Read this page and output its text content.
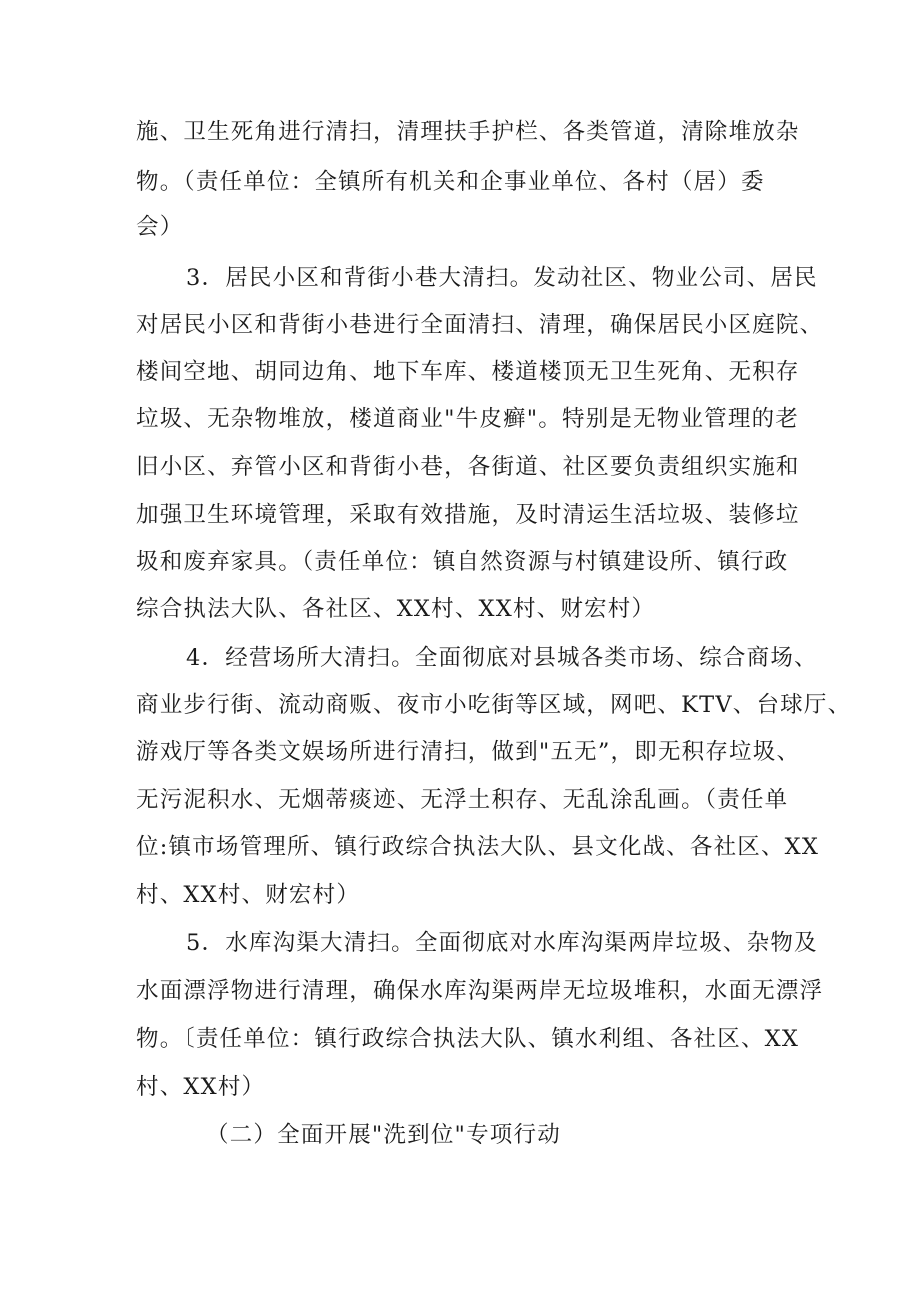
施、卫生死角进行清扫，清理扶手护栏、各类管道，清除堆放杂
物。（责任单位：全镇所有机关和企事业单位、各村（居）委
会）
3．居民小区和背街小巷大清扫。发动社区、物业公司、居民
对居民小区和背街小巷进行全面清扫、清理，确保居民小区庭院、
楼间空地、胡同边角、地下车库、楼道楼顶无卫生死角、无积存
垃圾、无杂物堆放，楼道商业"牛皮癣"。特别是无物业管理的老
旧小区、弃管小区和背街小巷，各街道、社区要负责组织实施和
加强卫生环境管理，采取有效措施，及时清运生活垃圾、装修垃
圾和废弃家具。（责任单位：镇自然资源与村镇建设所、镇行政
综合执法大队、各社区、XX村、XX村、财宏村）
4．经营场所大清扫。全面彻底对县城各类市场、综合商场、
商业步行街、流动商贩、夜市小吃街等区域，网吧、KTV、台球厅、
游戏厅等各类文娱场所进行清扫，做到"五无”，即无积存垃圾、
无污泥积水、无烟蒂痰迹、无浮土积存、无乱涂乱画。（责任单
位:镇市场管理所、镇行政综合执法大队、县文化战、各社区、XX
村、XX村、财宏村）
5．水库沟渠大清扫。全面彻底对水库沟渠两岸垃圾、杂物及
水面漂浮物进行清理，确保水库沟渠两岸无垃圾堆积，水面无漂浮
物。〔责任单位：镇行政综合执法大队、镇水利组、各社区、XX
村、XX村）
（二）全面开展"洗到位"专项行动
